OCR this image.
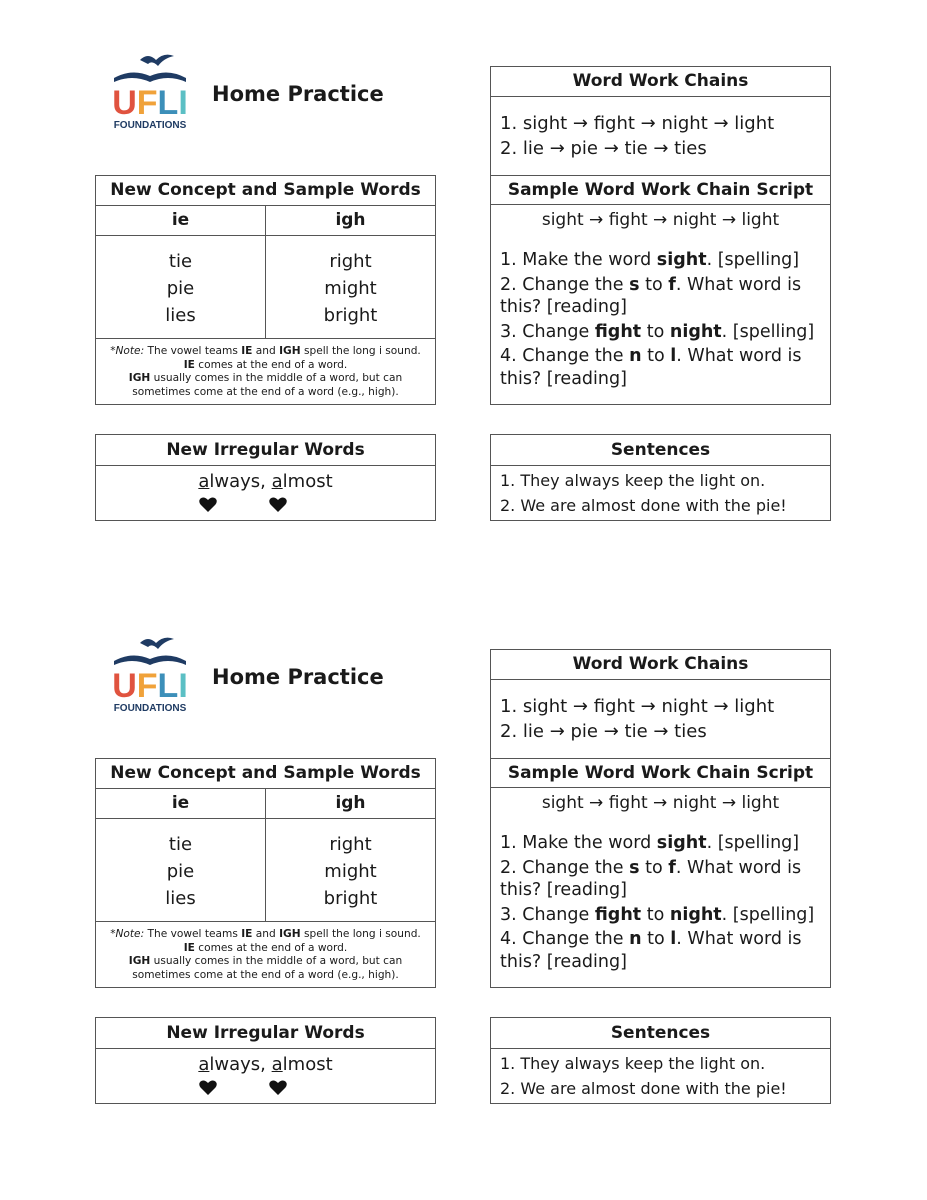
UFLI
FOUNDATIONS
Home Practice
New Concept and Sample Words
ie	igh
tie
pie
lies
right
might
bright
*Note: The vowel teams IE and IGH spell the long i sound.
IE comes at the end of a word.
IGH usually comes in the middle of a word, but can
sometimes come at the end of a word (e.g., high).
New Irregular Words
always, almost
Word Work Chains
1. sight → fight → night → light
2. lie → pie → tie → ties
Sample Word Work Chain Script
sight → fight → night → light
1. Make the word sight. [spelling]
2. Change the s to f. What word is this? [reading]
3. Change fight to night. [spelling]
4. Change the n to l. What word is this? [reading]
Sentences
1. They always keep the light on.
2. We are almost done with the pie!
UFLI
FOUNDATIONS
Home Practice
New Concept and Sample Words
ie	igh
tie
pie
lies
right
might
bright
*Note: The vowel teams IE and IGH spell the long i sound.
IE comes at the end of a word.
IGH usually comes in the middle of a word, but can
sometimes come at the end of a word (e.g., high).
New Irregular Words
always, almost
Word Work Chains
1. sight → fight → night → light
2. lie → pie → tie → ties
Sample Word Work Chain Script
sight → fight → night → light
1. Make the word sight. [spelling]
2. Change the s to f. What word is this? [reading]
3. Change fight to night. [spelling]
4. Change the n to l. What word is this? [reading]
Sentences
1. They always keep the light on.
2. We are almost done with the pie!
